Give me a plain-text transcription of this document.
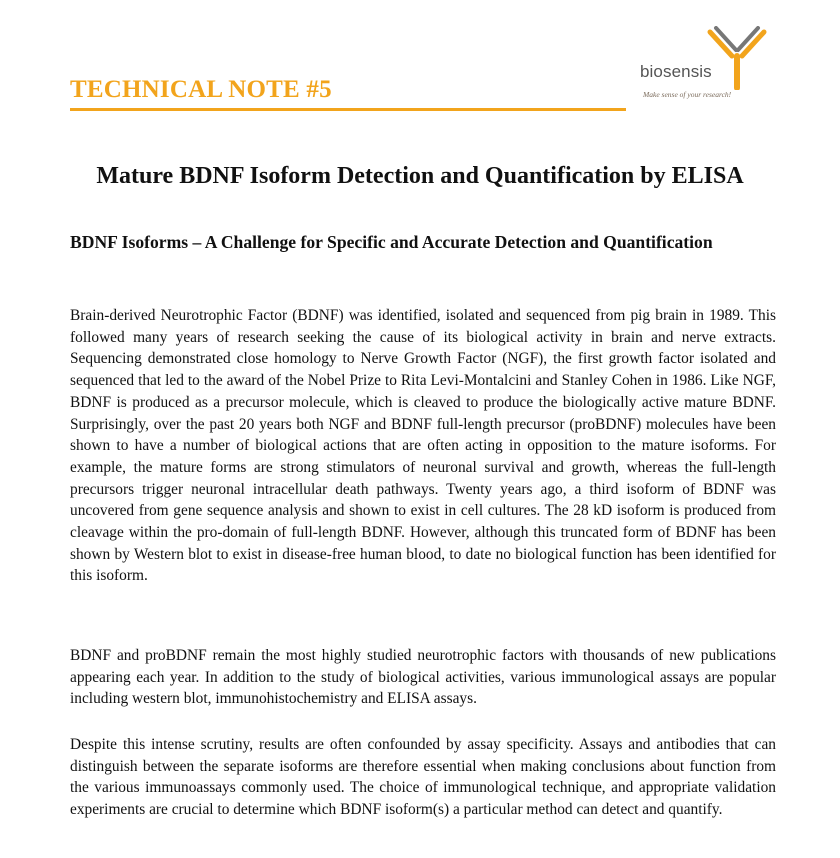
TECHNICAL NOTE #5
biosensis
Make sense of your research!
Mature BDNF Isoform Detection and Quantification by ELISA
BDNF Isoforms – A Challenge for Specific and Accurate Detection and Quantification

Brain-derived Neurotrophic Factor (BDNF) was identified, isolated and sequenced from pig brain in 1989. This followed many years of research seeking the cause of its biological activity in brain and nerve extracts. Sequencing demonstrated close homology to Nerve Growth Factor (NGF), the first growth factor isolated and sequenced that led to the award of the Nobel Prize to Rita Levi-Montalcini and Stanley Cohen in 1986. Like NGF, BDNF is produced as a precursor molecule, which is cleaved to produce the biologically active mature BDNF. Surprisingly, over the past 20 years both NGF and BDNF full-length precursor (proBDNF) molecules have been shown to have a number of biological actions that are often acting in opposition to the mature isoforms. For example, the mature forms are strong stimulators of neuronal survival and growth, whereas the full-length precursors trigger neuronal intracellular death pathways. Twenty years ago, a third isoform of BDNF was uncovered from gene sequence analysis and shown to exist in cell cultures. The 28 kD isoform is produced from cleavage within the pro-domain of full-length BDNF. However, although this truncated form of BDNF has been shown by Western blot to exist in disease-free human blood, to date no biological function has been identified for this isoform.

BDNF and proBDNF remain the most highly studied neurotrophic factors with thousands of new publications appearing each year. In addition to the study of biological activities, various immunological assays are popular including western blot, immunohistochemistry and ELISA assays.

Despite this intense scrutiny, results are often confounded by assay specificity. Assays and antibodies that can distinguish between the separate isoforms are therefore essential when making conclusions about function from the various immunoassays commonly used. The choice of immunological technique, and appropriate validation experiments are crucial to determine which BDNF isoform(s) a particular method can detect and quantify.
